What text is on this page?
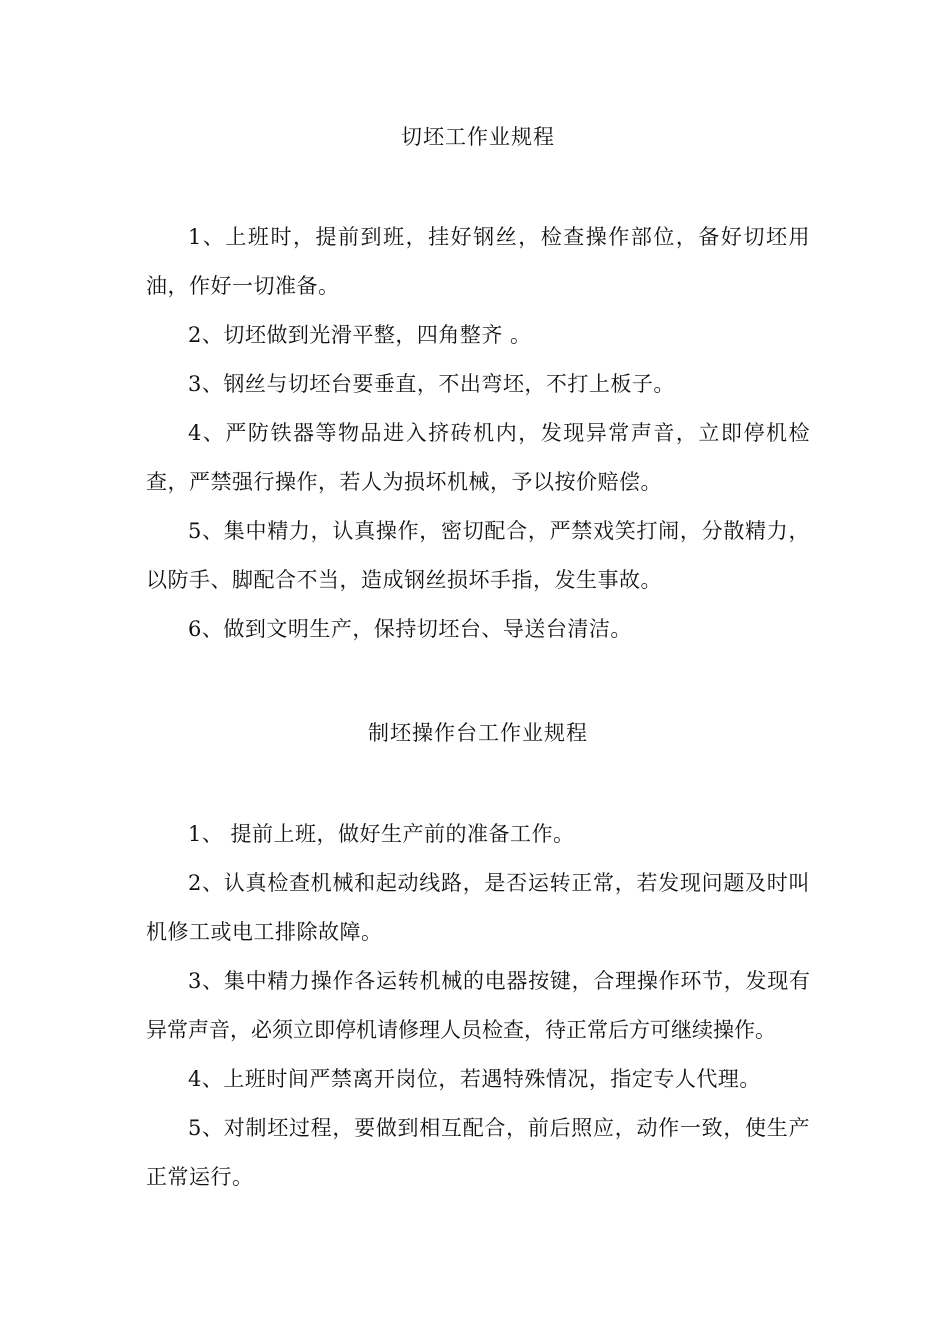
切坯工作业规程

1、上班时，提前到班，挂好钢丝，检查操作部位，备好切坯用油，作好一切准备。

2、切坯做到光滑平整，四角整齐 。

3、钢丝与切坯台要垂直，不出弯坯，不打上板子。

4、严防铁器等物品进入挤砖机内，发现异常声音，立即停机检查，严禁强行操作，若人为损坏机械，予以按价赔偿。

5、集中精力，认真操作，密切配合，严禁戏笑打闹，分散精力，以防手、脚配合不当，造成钢丝损坏手指，发生事故。

6、做到文明生产，保持切坯台、导送台清洁。

制坯操作台工作业规程

1、 提前上班，做好生产前的准备工作。

2、认真检查机械和起动线路，是否运转正常，若发现问题及时叫机修工或电工排除故障。

3、集中精力操作各运转机械的电器按键，合理操作环节，发现有异常声音，必须立即停机请修理人员检查，待正常后方可继续操作。

4、上班时间严禁离开岗位，若遇特殊情况，指定专人代理。

5、对制坯过程，要做到相互配合，前后照应，动作一致，使生产正常运行。
